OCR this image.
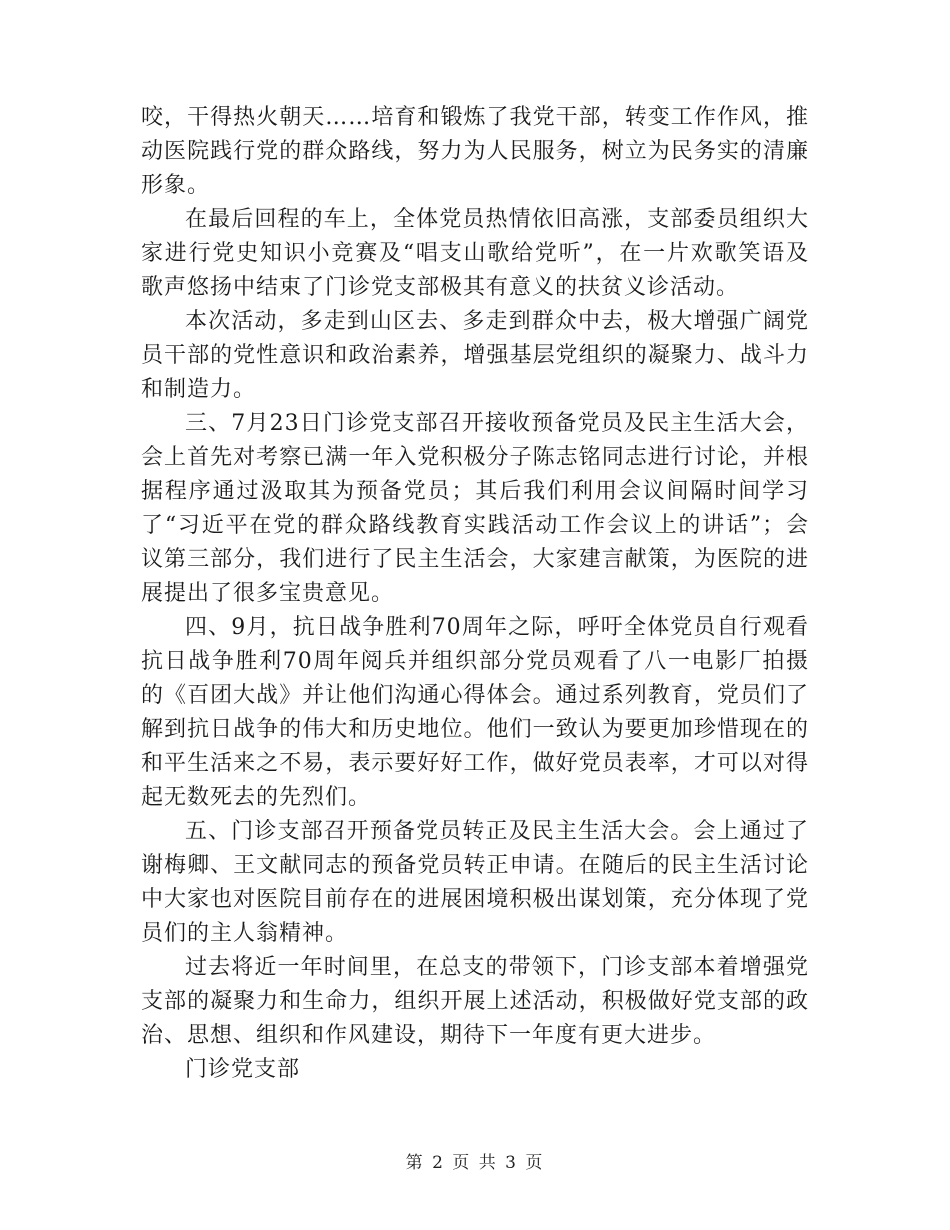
咬，干得热火朝天……培育和锻炼了我党干部，转变工作作风，推动医院践行党的群众路线，努力为人民服务，树立为民务实的清廉形象。

在最后回程的车上，全体党员热情依旧高涨，支部委员组织大家进行党史知识小竞赛及“唱支山歌给党听”，在一片欢歌笑语及歌声悠扬中结束了门诊党支部极其有意义的扶贫义诊活动。

本次活动，多走到山区去、多走到群众中去，极大增强广阔党员干部的党性意识和政治素养，增强基层党组织的凝聚力、战斗力和制造力。

三、7月23日门诊党支部召开接收预备党员及民主生活大会，会上首先对考察已满一年入党积极分子陈志铭同志进行讨论，并根据程序通过汲取其为预备党员；其后我们利用会议间隔时间学习了“习近平在党的群众路线教育实践活动工作会议上的讲话”；会议第三部分，我们进行了民主生活会，大家建言献策，为医院的进展提出了很多宝贵意见。

四、9月，抗日战争胜利70周年之际，呼吁全体党员自行观看抗日战争胜利70周年阅兵并组织部分党员观看了八一电影厂拍摄的《百团大战》并让他们沟通心得体会。通过系列教育，党员们了解到抗日战争的伟大和历史地位。他们一致认为要更加珍惜现在的和平生活来之不易，表示要好好工作，做好党员表率，才可以对得起无数死去的先烈们。

五、门诊支部召开预备党员转正及民主生活大会。会上通过了谢梅卿、王文献同志的预备党员转正申请。在随后的民主生活讨论中大家也对医院目前存在的进展困境积极出谋划策，充分体现了党员们的主人翁精神。

过去将近一年时间里，在总支的带领下，门诊支部本着增强党支部的凝聚力和生命力，组织开展上述活动，积极做好党支部的政治、思想、组织和作风建设，期待下一年度有更大进步。

门诊党支部

第 2 页 共 3 页
